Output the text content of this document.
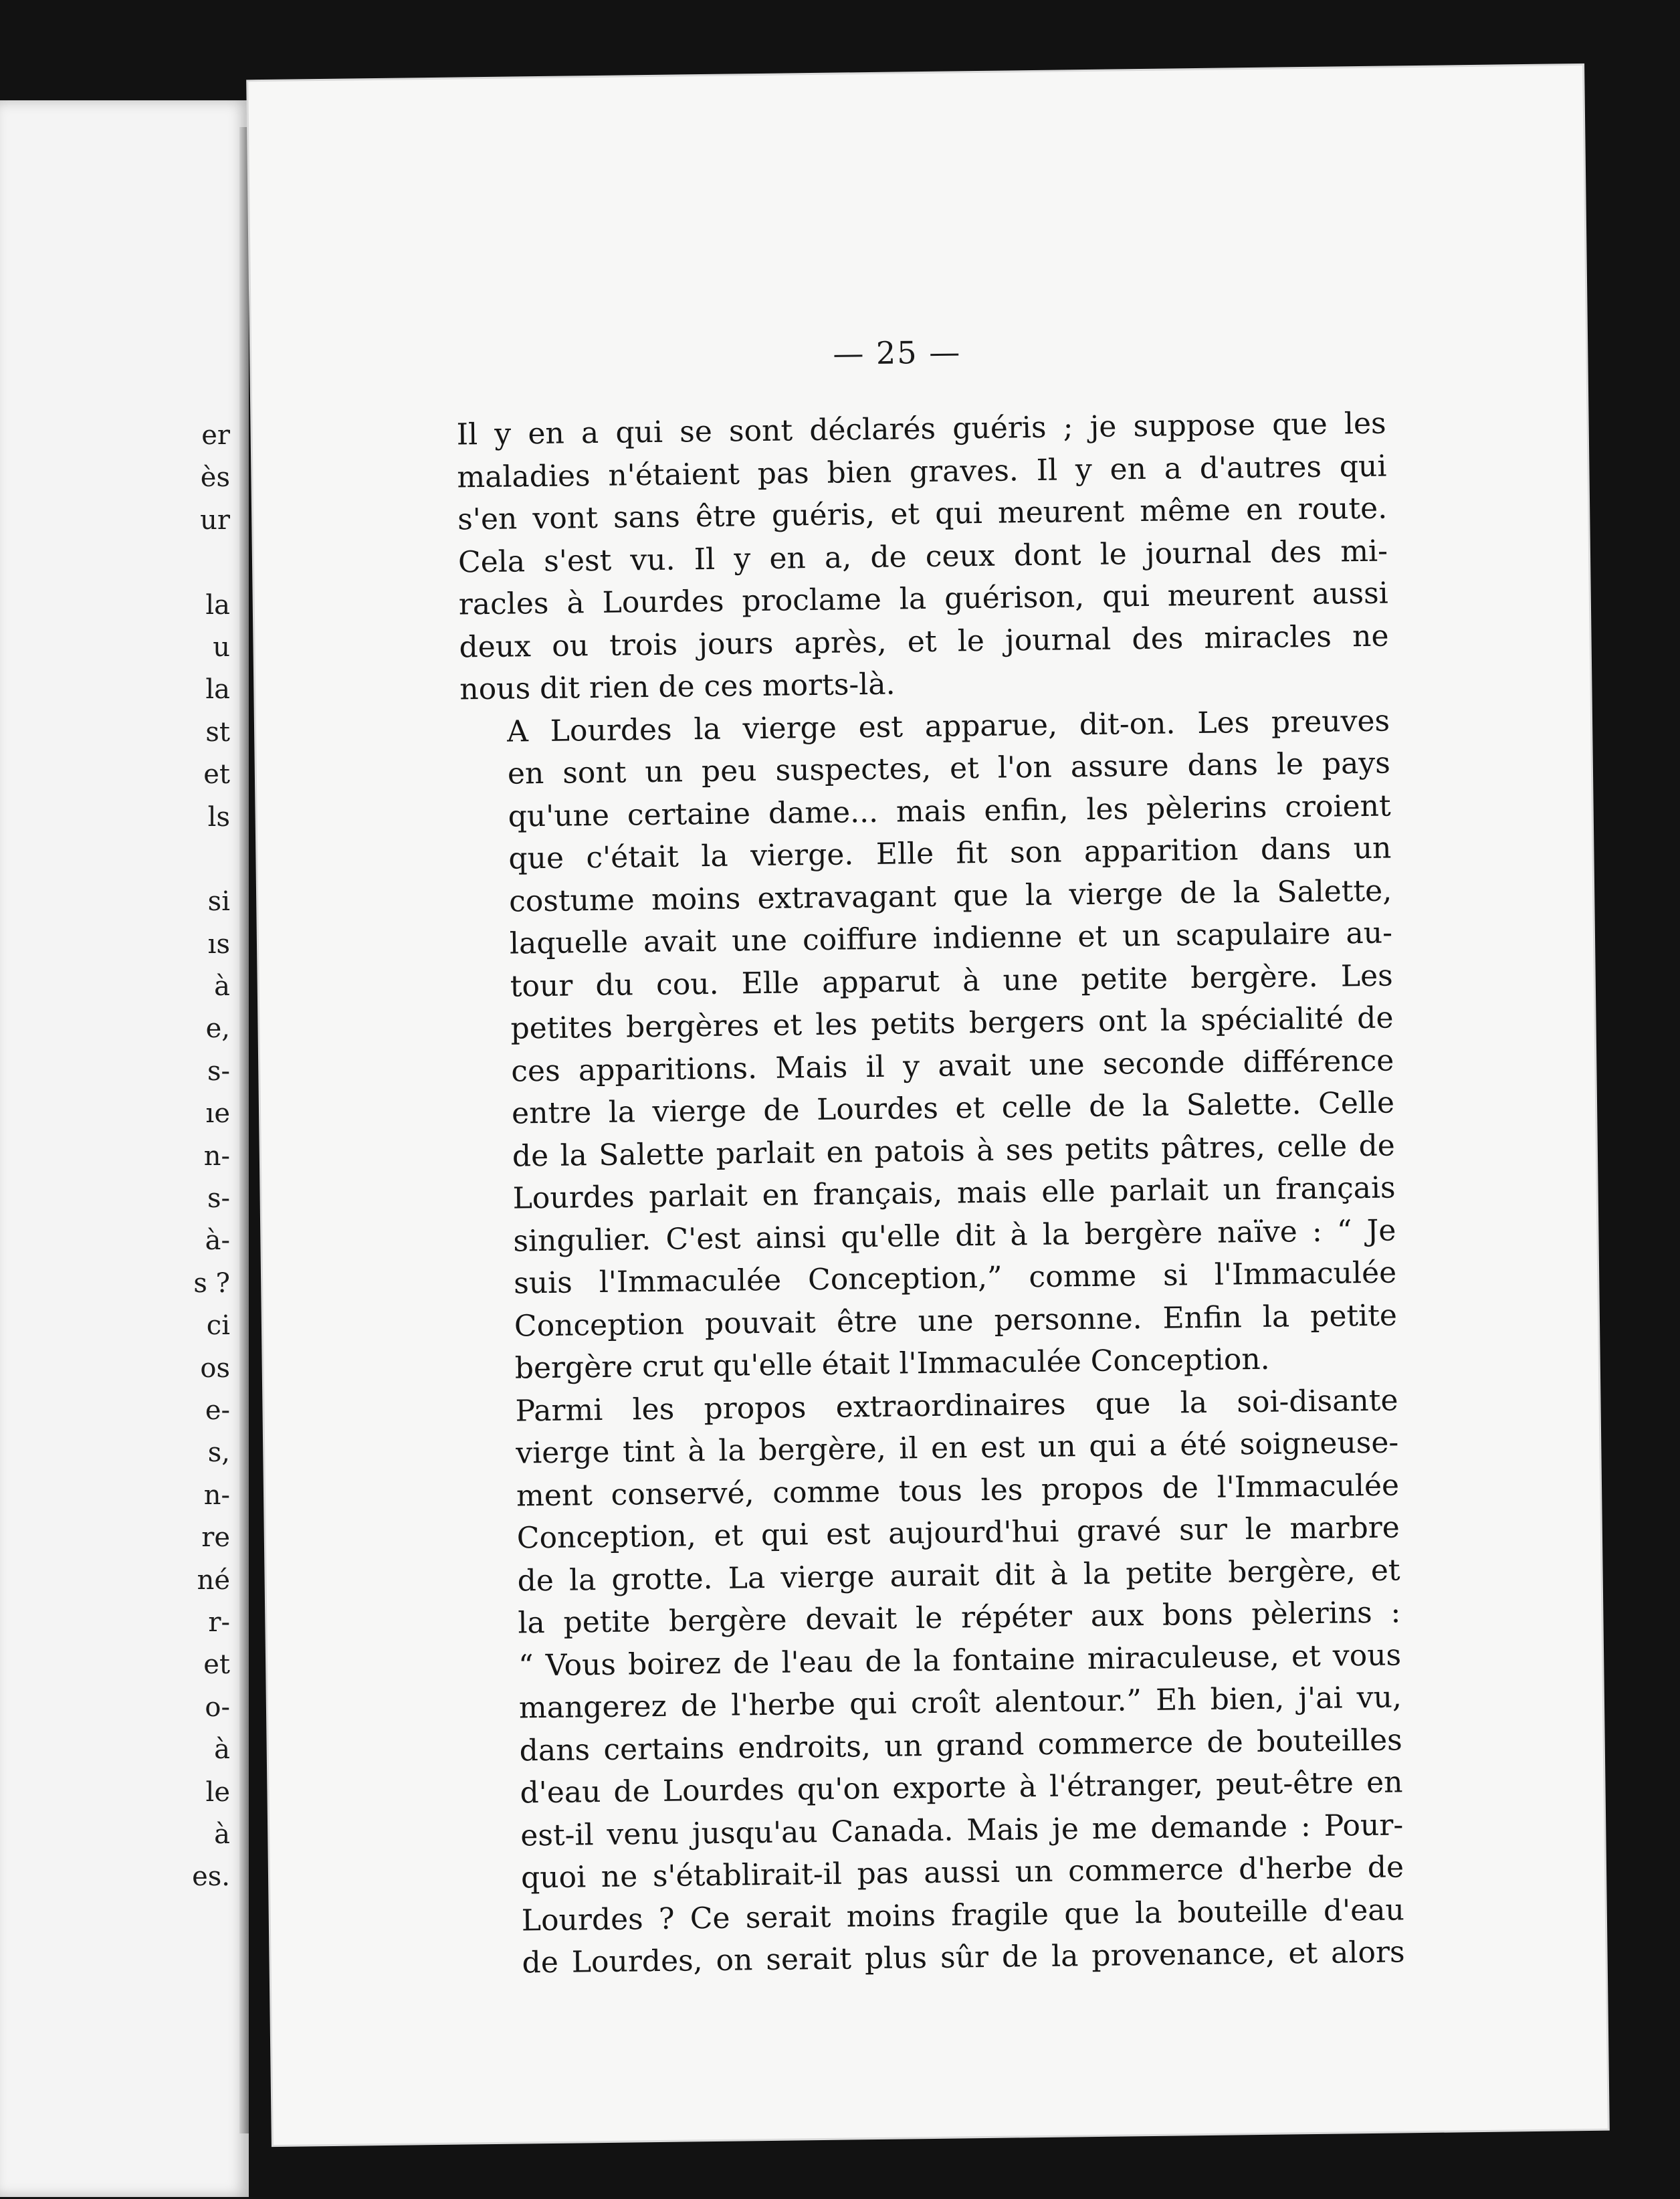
er
ès
ur
la
u
la
st
et
ls
si
ıs
à
e,
s-
ıe
n-
s-
à-
s ?
ci
os
e-
s,
n-
re
né
r-
et
o-
à
le
à
es.
— 25 —
Il y en a qui se sont déclarés guéris ; je suppose que les
maladies n'étaient pas bien graves. Il y en a d'autres qui
s'en vont sans être guéris, et qui meurent même en route.
Cela s'est vu. Il y en a, de ceux dont le journal des mi-
racles à Lourdes proclame la guérison, qui meurent aussi
deux ou trois jours après, et le journal des miracles ne
nous dit rien de ces morts-là.
A Lourdes la vierge est apparue, dit-on. Les preuves
en sont un peu suspectes, et l'on assure dans le pays
qu'une certaine dame... mais enfin, les pèlerins croient
que c'était la vierge. Elle fit son apparition dans un
costume moins extravagant que la vierge de la Salette,
laquelle avait une coiffure indienne et un scapulaire au-
tour du cou. Elle apparut à une petite bergère. Les
petites bergères et les petits bergers ont la spécialité de
ces apparitions. Mais il y avait une seconde différence
entre la vierge de Lourdes et celle de la Salette. Celle
de la Salette parlait en patois à ses petits pâtres, celle de
Lourdes parlait en français, mais elle parlait un français
singulier. C'est ainsi qu'elle dit à la bergère naïve : “ Je
suis l'Immaculée Conception,” comme si l'Immaculée
Conception pouvait être une personne. Enfin la petite
bergère crut qu'elle était l'Immaculée Conception.
Parmi les propos extraordinaires que la soi-disante
vierge tint à la bergère, il en est un qui a été soigneuse-
ment conservé, comme tous les propos de l'Immaculée
Conception, et qui est aujourd'hui gravé sur le marbre
de la grotte. La vierge aurait dit à la petite bergère, et
la petite bergère devait le répéter aux bons pèlerins :
“ Vous boirez de l'eau de la fontaine miraculeuse, et vous
mangerez de l'herbe qui croît alentour.” Eh bien, j'ai vu,
dans certains endroits, un grand commerce de bouteilles
d'eau de Lourdes qu'on exporte à l'étranger, peut-être en
est-il venu jusqu'au Canada. Mais je me demande : Pour-
quoi ne s'établirait-il pas aussi un commerce d'herbe de
Lourdes ? Ce serait moins fragile que la bouteille d'eau
de Lourdes, on serait plus sûr de la provenance, et alors
